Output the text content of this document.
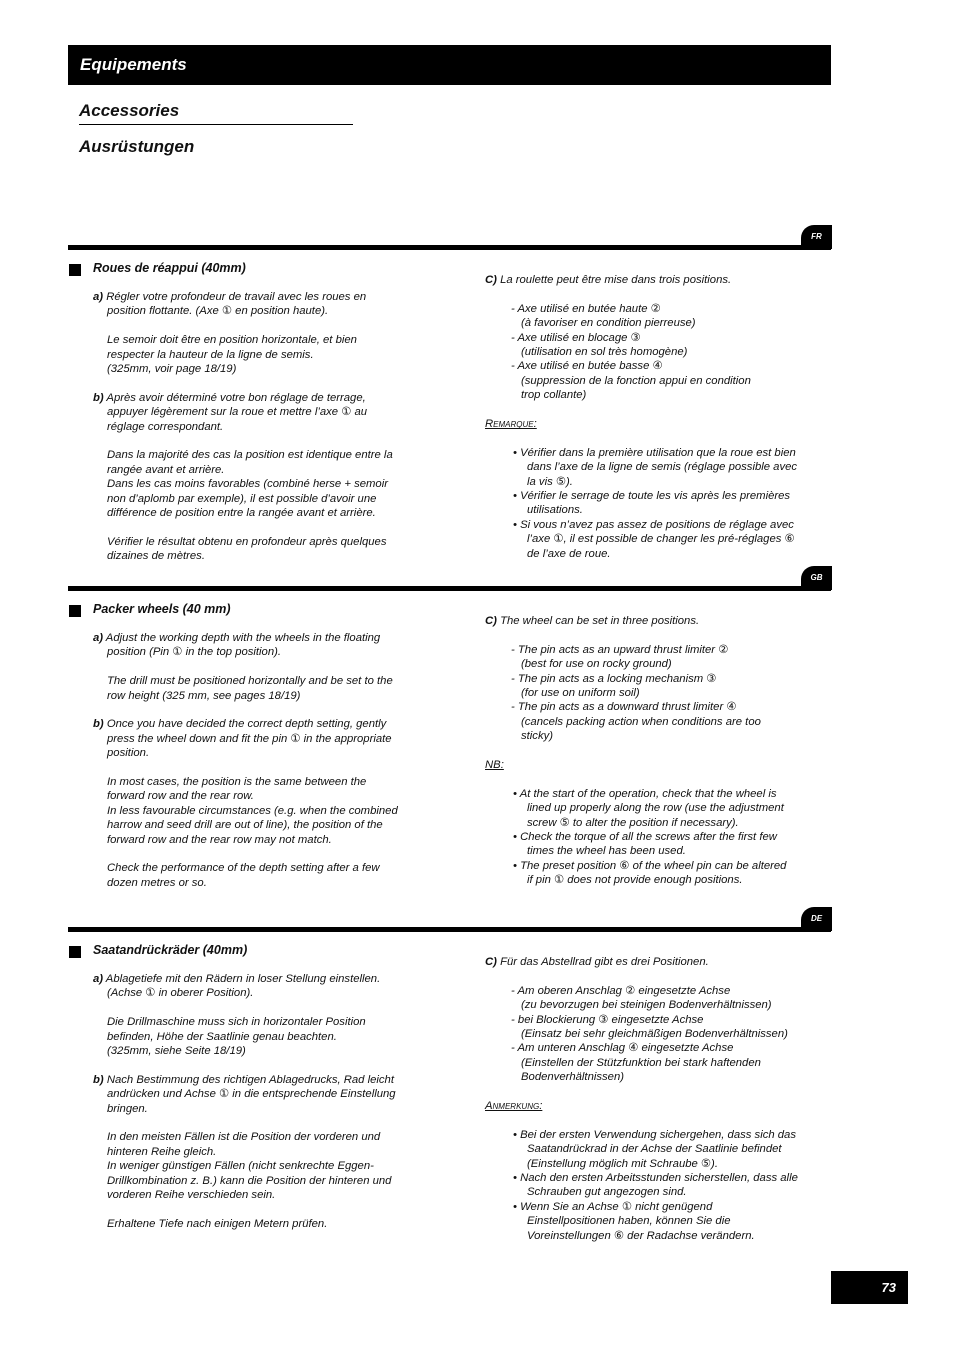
Equipements
Accessories
Ausrüstungen
FR
Roues de réappui (40mm)
a) Régler votre profondeur de travail avec les roues en
position flottante. (Axe ① en position haute).
Le semoir doit être en position horizontale, et bien
respecter la hauteur de la ligne de semis.
(325mm, voir page 18/19)
b) Après avoir déterminé votre bon réglage de terrage,
appuyer légèrement sur la roue et mettre l’axe ① au
réglage correspondant.
Dans la majorité des cas la position est identique entre la
rangée avant et arrière.
Dans les cas moins favorables (combiné herse + semoir
non d’aplomb par exemple), il est possible d’avoir une
différence de position entre la rangée avant et arrière.
Vérifier le résultat obtenu en profondeur après quelques
dizaines de mètres.
C) La roulette peut être mise dans trois positions.
- Axe utilisé en butée haute ②
(à favoriser en condition pierreuse)
- Axe utilisé en blocage ③
(utilisation en sol très homogène)
- Axe utilisé en butée basse ④
(suppression de la fonction appui en condition
trop collante)
Remarque:
• Vérifier dans la première utilisation que la roue est bien
dans l’axe de la ligne de semis (réglage possible avec
la vis ⑤).
• Vérifier le serrage de toute les vis après les premières
utilisations.
• Si vous n’avez pas assez de positions de réglage avec
l’axe ①, il est possible de changer les pré-réglages ⑥
de l’axe de roue.
GB
Packer wheels (40 mm)
a) Adjust the working depth with the wheels in the floating
position (Pin ① in the top position).
The drill must be positioned horizontally and be set to the
row height (325 mm, see pages 18/19)
b) Once you have decided the correct depth setting, gently
press the wheel down and fit the pin ① in the appropriate
position.
In most cases, the position is the same between the
forward row and the rear row.
In less favourable circumstances (e.g. when the combined
harrow and seed drill are out of line), the position of the
forward row and the rear row may not match.
Check the performance of the depth setting after a few
dozen metres or so.
C) The wheel can be set in three positions.
- The pin acts as an upward thrust limiter ②
(best for use on rocky ground)
- The pin acts as a locking mechanism ③
(for use on uniform soil)
- The pin acts as a downward thrust limiter ④
(cancels packing action when conditions are too
sticky)
NB:
• At the start of the operation, check that the wheel is
lined up properly along the row (use the adjustment
screw ⑤ to alter the position if necessary).
• Check the torque of all the screws after the first few
times the wheel has been used.
• The preset position ⑥ of the wheel pin can be altered
if pin ① does not provide enough positions.
DE
Saatandrückräder (40mm)
a) Ablagetiefe mit den Rädern in loser Stellung einstellen.
(Achse ① in oberer Position).
Die Drillmaschine muss sich in horizontaler Position
befinden, Höhe der Saatlinie genau beachten.
(325mm, siehe Seite 18/19)
b) Nach Bestimmung des richtigen Ablagedrucks, Rad leicht
andrücken und Achse ① in die entsprechende Einstellung
bringen.
In den meisten Fällen ist die Position der vorderen und
hinteren Reihe gleich.
In weniger günstigen Fällen (nicht senkrechte Eggen-
Drillkombination z. B.) kann die Position der hinteren und
vorderen Reihe verschieden sein.
Erhaltene Tiefe nach einigen Metern prüfen.
C) Für das Abstellrad gibt es drei Positionen.
- Am oberen Anschlag ② eingesetzte Achse
(zu bevorzugen bei steinigen Bodenverhältnissen)
- bei Blockierung ③ eingesetzte Achse
(Einsatz bei sehr gleichmäßigen Bodenverhältnissen)
- Am unteren Anschlag ④ eingesetzte Achse
(Einstellen der Stützfunktion bei stark haftenden
Bodenverhältnissen)
Anmerkung:
• Bei der ersten Verwendung sichergehen, dass sich das
Saatandrückrad in der Achse der Saatlinie befindet
(Einstellung möglich mit Schraube ⑤).
• Nach den ersten Arbeitsstunden sicherstellen, dass alle
Schrauben gut angezogen sind.
• Wenn Sie an Achse ① nicht genügend
Einstellpositionen haben, können Sie die
Voreinstellungen ⑥ der Radachse verändern.
73
